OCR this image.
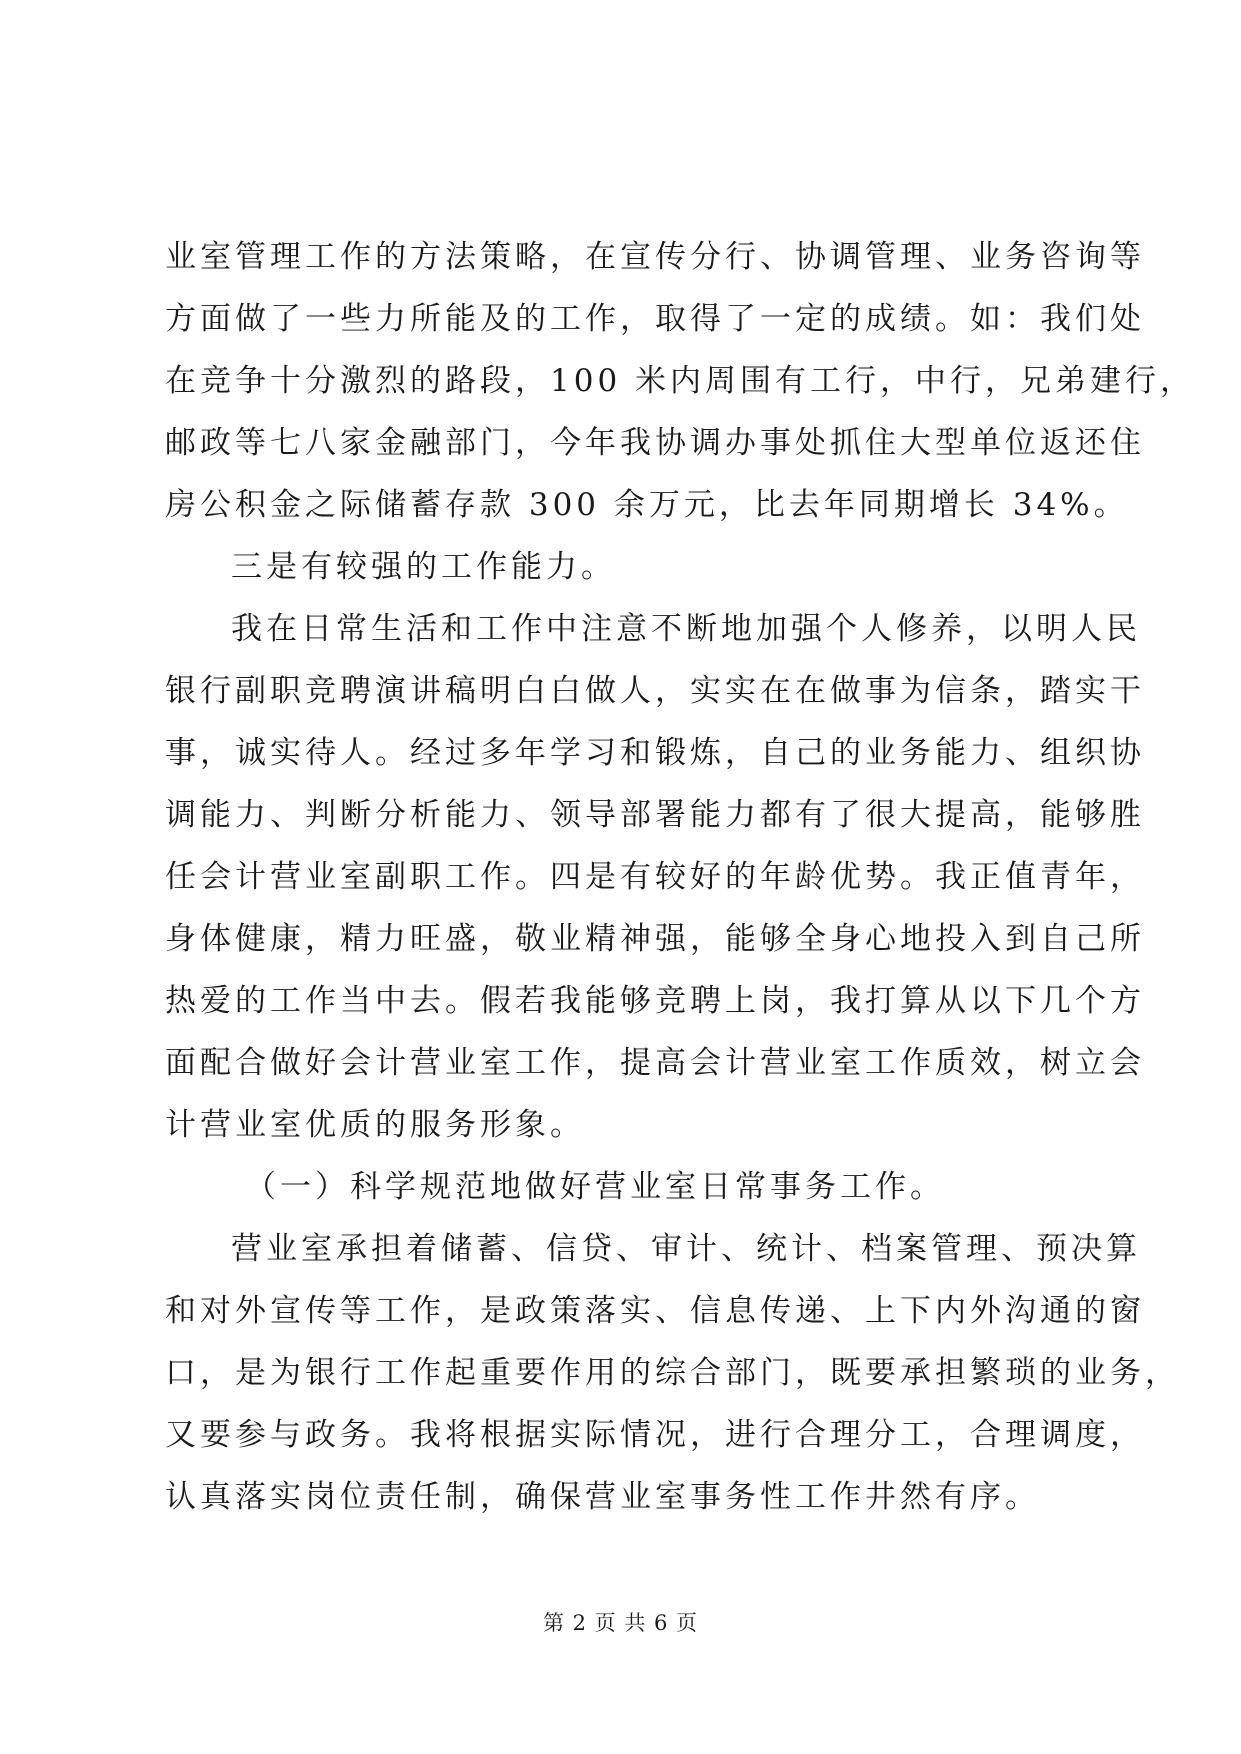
业室管理工作的方法策略，在宣传分行、协调管理、业务咨询等
方面做了一些力所能及的工作，取得了一定的成绩。如：我们处
在竞争十分激烈的路段，100 米内周围有工行，中行，兄弟建行，
邮政等七八家金融部门，今年我协调办事处抓住大型单位返还住
房公积金之际储蓄存款 300 余万元，比去年同期增长 34%。
三是有较强的工作能力。
我在日常生活和工作中注意不断地加强个人修养，以明人民
银行副职竞聘演讲稿明白白做人，实实在在做事为信条，踏实干
事，诚实待人。经过多年学习和锻炼，自己的业务能力、组织协
调能力、判断分析能力、领导部署能力都有了很大提高，能够胜
任会计营业室副职工作。四是有较好的年龄优势。我正值青年，
身体健康，精力旺盛，敬业精神强，能够全身心地投入到自己所
热爱的工作当中去。假若我能够竞聘上岗，我打算从以下几个方
面配合做好会计营业室工作，提高会计营业室工作质效，树立会
计营业室优质的服务形象。
（一）科学规范地做好营业室日常事务工作。
营业室承担着储蓄、信贷、审计、统计、档案管理、预决算
和对外宣传等工作，是政策落实、信息传递、上下内外沟通的窗
口，是为银行工作起重要作用的综合部门，既要承担繁琐的业务，
又要参与政务。我将根据实际情况，进行合理分工，合理调度，
认真落实岗位责任制，确保营业室事务性工作井然有序。
第 2 页 共 6 页
